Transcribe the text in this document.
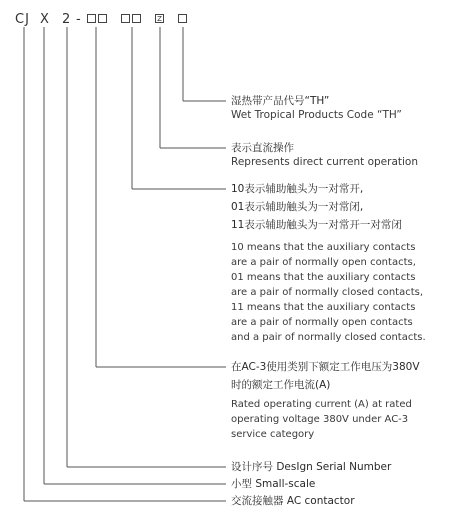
CJ X 2 -	Z
湿热带产品代号“TH”
Wet Tropical Products Code “TH”
表示直流操作
Represents direct current operation
10表示辅助触头为一对常开,
01表示辅助触头为一对常闭,
11表示辅助触头为一对常开一对常闭
10 means that the auxiliary contacts
are a pair of normally open contacts,
01 means that the auxiliary contacts
are a pair of normally closed contacts,
11 means that the auxiliary contacts
are a pair of normally open contacts
and a pair of normally closed contacts.
在AC-3使用类别下额定工作电压为380V
时的额定工作电流(A)
Rated operating current (A) at rated
operating voltage 380V under AC-3
service category
设计序号 DesIgn Serial Number
小型 Small-scale
交流接触器 AC contactor
